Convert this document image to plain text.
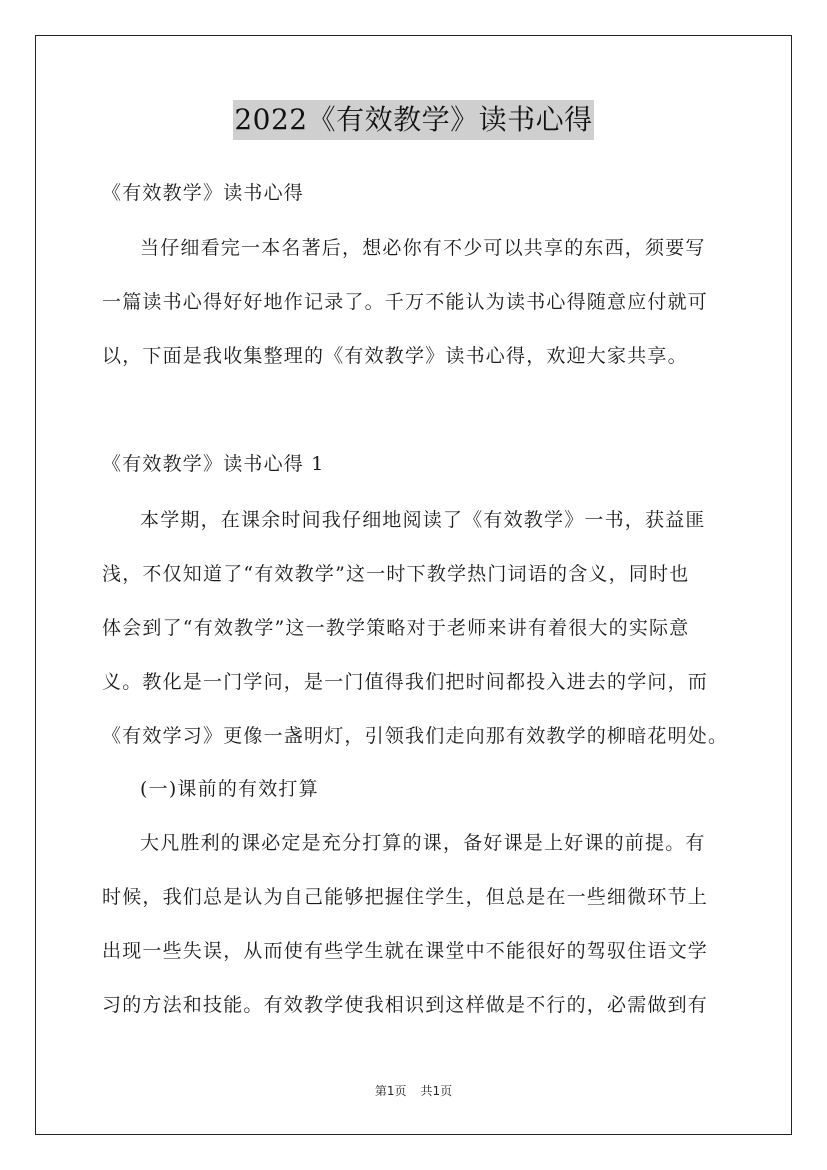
2022《有效教学》读书心得
《有效教学》读书心得
当仔细看完一本名著后，想必你有不少可以共享的东西，须要写
一篇读书心得好好地作记录了。千万不能认为读书心得随意应付就可
以，下面是我收集整理的《有效教学》读书心得，欢迎大家共享。
《有效教学》读书心得 1
本学期，在课余时间我仔细地阅读了《有效教学》一书，获益匪
浅，不仅知道了“有效教学”这一时下教学热门词语的含义，同时也
体会到了“有效教学”这一教学策略对于老师来讲有着很大的实际意
义。教化是一门学问，是一门值得我们把时间都投入进去的学问，而
《有效学习》更像一盏明灯，引领我们走向那有效教学的柳暗花明处。
(一)课前的有效打算
大凡胜利的课必定是充分打算的课，备好课是上好课的前提。有
时候，我们总是认为自己能够把握住学生，但总是在一些细微环节上
出现一些失误，从而使有些学生就在课堂中不能很好的驾驭住语文学
习的方法和技能。有效教学使我相识到这样做是不行的，必需做到有
第1页 共1页
